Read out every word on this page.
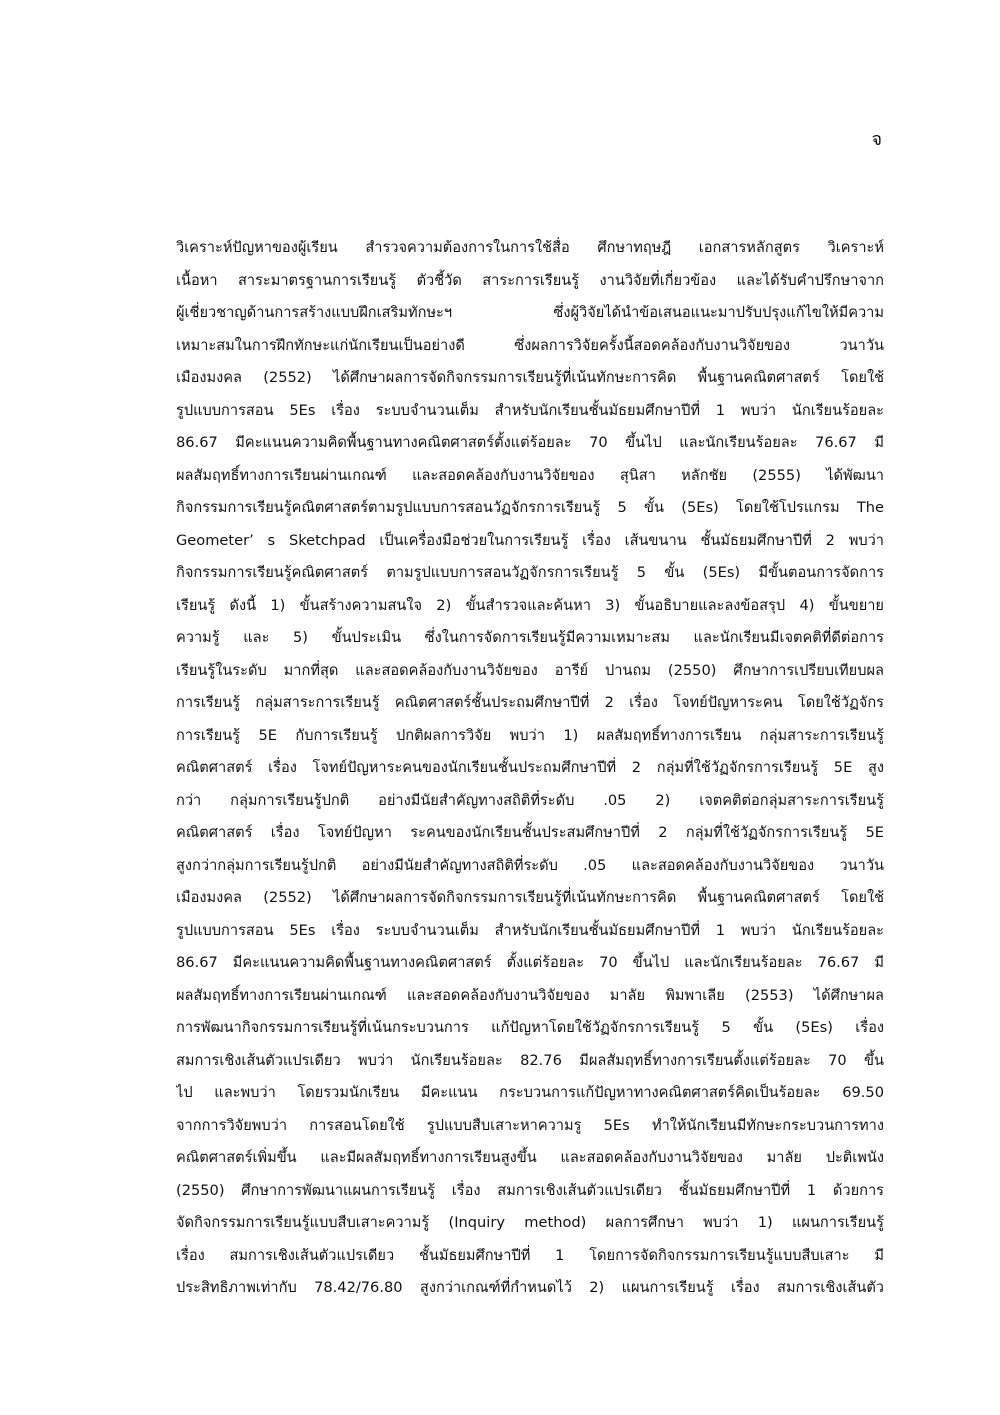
จ
วิเคราะห์ปัญหาของผู้เรียน สำรวจความต้องการในการใช้สื่อ ศึกษาทฤษฎี เอกสารหลักสูตร วิเคราะห์
เนื้อหา สาระมาตรฐานการเรียนรู้ ตัวชี้วัด สาระการเรียนรู้ งานวิจัยที่เกี่ยวข้อง และได้รับคำปรึกษาจาก
ผู้เชี่ยวชาญด้านการสร้างแบบฝึกเสริมทักษะฯ ซึ่งผู้วิจัยได้นำข้อเสนอแนะมาปรับปรุงแก้ไขให้มีความ
เหมาะสมในการฝึกทักษะแก่นักเรียนเป็นอย่างดี ซึ่งผลการวิจัยครั้งนี้สอดคล้องกับงานวิจัยของ วนาวัน
เมืองมงคล (2552) ได้ศึกษาผลการจัดกิจกรรมการเรียนรู้ที่เน้นทักษะการคิด พื้นฐานคณิตศาสตร์ โดยใช้
รูปแบบการสอน 5Es เรื่อง ระบบจำนวนเต็ม สำหรับนักเรียนชั้นมัธยมศึกษาปีที่ 1 พบว่า นักเรียนร้อยละ
86.67 มีคะแนนความคิดพื้นฐานทางคณิตศาสตร์ตั้งแต่ร้อยละ 70 ขึ้นไป และนักเรียนร้อยละ 76.67 มี
ผลสัมฤทธิ์ทางการเรียนผ่านเกณฑ์ และสอดคล้องกับงานวิจัยของ สุนิสา หลักชัย (2555) ได้พัฒนา
กิจกรรมการเรียนรู้คณิตศาสตร์ตามรูปแบบการสอนวัฏจักรการเรียนรู้ 5 ขั้น (5Es) โดยใช้โปรแกรม The
Geometer’ s Sketchpad เป็นเครื่องมือช่วยในการเรียนรู้ เรื่อง เส้นขนาน ชั้นมัธยมศึกษาปีที่ 2 พบว่า
กิจกรรมการเรียนรู้คณิตศาสตร์ ตามรูปแบบการสอนวัฏจักรการเรียนรู้ 5 ขั้น (5Es) มีขั้นตอนการจัดการ
เรียนรู้ ดังนี้ 1) ขั้นสร้างความสนใจ 2) ขั้นสำรวจและค้นหา 3) ขั้นอธิบายและลงข้อสรุป 4) ขั้นขยาย
ความรู้ และ 5) ขั้นประเมิน ซึ่งในการจัดการเรียนรู้มีความเหมาะสม และนักเรียนมีเจตคติที่ดีต่อการ
เรียนรู้ในระดับ มากที่สุด และสอดคล้องกับงานวิจัยของ อารีย์ ปานถม (2550) ศึกษาการเปรียบเทียบผล
การเรียนรู้ กลุ่มสาระการเรียนรู้ คณิตศาสตร์ชั้นประถมศึกษาปีที่ 2 เรื่อง โจทย์ปัญหาระคน โดยใช้วัฏจักร
การเรียนรู้ 5E กับการเรียนรู้ ปกติผลการวิจัย พบว่า 1) ผลสัมฤทธิ์ทางการเรียน กลุ่มสาระการเรียนรู้
คณิตศาสตร์ เรื่อง โจทย์ปัญหาระคนของนักเรียนชั้นประถมศึกษาปีที่ 2 กลุ่มที่ใช้วัฏจักรการเรียนรู้ 5E สูง
กว่า กลุ่มการเรียนรู้ปกติ อย่างมีนัยสำคัญทางสถิติที่ระดับ .05 2) เจตคติต่อกลุ่มสาระการเรียนรู้
คณิตศาสตร์ เรื่อง โจทย์ปัญหา ระคนของนักเรียนชั้นประสมศึกษาปีที่ 2 กลุ่มที่ใช้วัฏจักรการเรียนรู้ 5E
สูงกว่ากลุ่มการเรียนรู้ปกติ อย่างมีนัยสำคัญทางสถิติที่ระดับ .05 และสอดคล้องกับงานวิจัยของ วนาวัน
เมืองมงคล (2552) ได้ศึกษาผลการจัดกิจกรรมการเรียนรู้ที่เน้นทักษะการคิด พื้นฐานคณิตศาสตร์ โดยใช้
รูปแบบการสอน 5Es เรื่อง ระบบจำนวนเต็ม สำหรับนักเรียนชั้นมัธยมศึกษาปีที่ 1 พบว่า นักเรียนร้อยละ
86.67 มีคะแนนความคิดพื้นฐานทางคณิตศาสตร์ ตั้งแต่ร้อยละ 70 ขึ้นไป และนักเรียนร้อยละ 76.67 มี
ผลสัมฤทธิ์ทางการเรียนผ่านเกณฑ์ และสอดคล้องกับงานวิจัยของ มาลัย พิมพาเลีย (2553) ได้ศึกษาผล
การพัฒนากิจกรรมการเรียนรู้ที่เน้นกระบวนการ แก้ปัญหาโดยใช้วัฏจักรการเรียนรู้ 5 ขั้น (5Es) เรื่อง
สมการเชิงเส้นตัวแปรเดียว พบว่า นักเรียนร้อยละ 82.76 มีผลสัมฤทธิ์ทางการเรียนตั้งแต่ร้อยละ 70 ขึ้น
ไป และพบว่า โดยรวมนักเรียน มีคะแนน กระบวนการแก้ปัญหาทางคณิตศาสตร์คิดเป็นร้อยละ 69.50
จากการวิจัยพบว่า การสอนโดยใช้ รูปแบบสืบเสาะหาความรู 5Es ทำให้นักเรียนมีทักษะกระบวนการทาง
คณิตศาสตร์เพิ่มขึ้น และมีผลสัมฤทธิ์ทางการเรียนสูงขึ้น และสอดคล้องกับงานวิจัยของ มาลัย ปะติเพนัง
(2550) ศึกษาการพัฒนาแผนการเรียนรู้ เรื่อง สมการเชิงเส้นตัวแปรเดียว ชั้นมัธยมศึกษาปีที่ 1 ด้วยการ
จัดกิจกรรมการเรียนรู้แบบสืบเสาะความรู้ (Inquiry method) ผลการศึกษา พบว่า 1) แผนการเรียนรู้
เรื่อง สมการเชิงเส้นตัวแปรเดียว ชั้นมัธยมศึกษาปีที่ 1 โดยการจัดกิจกรรมการเรียนรู้แบบสืบเสาะ มี
ประสิทธิภาพเท่ากับ 78.42/76.80 สูงกว่าเกณฑ์ที่กำหนดไว้ 2) แผนการเรียนรู้ เรื่อง สมการเชิงเส้นตัว
